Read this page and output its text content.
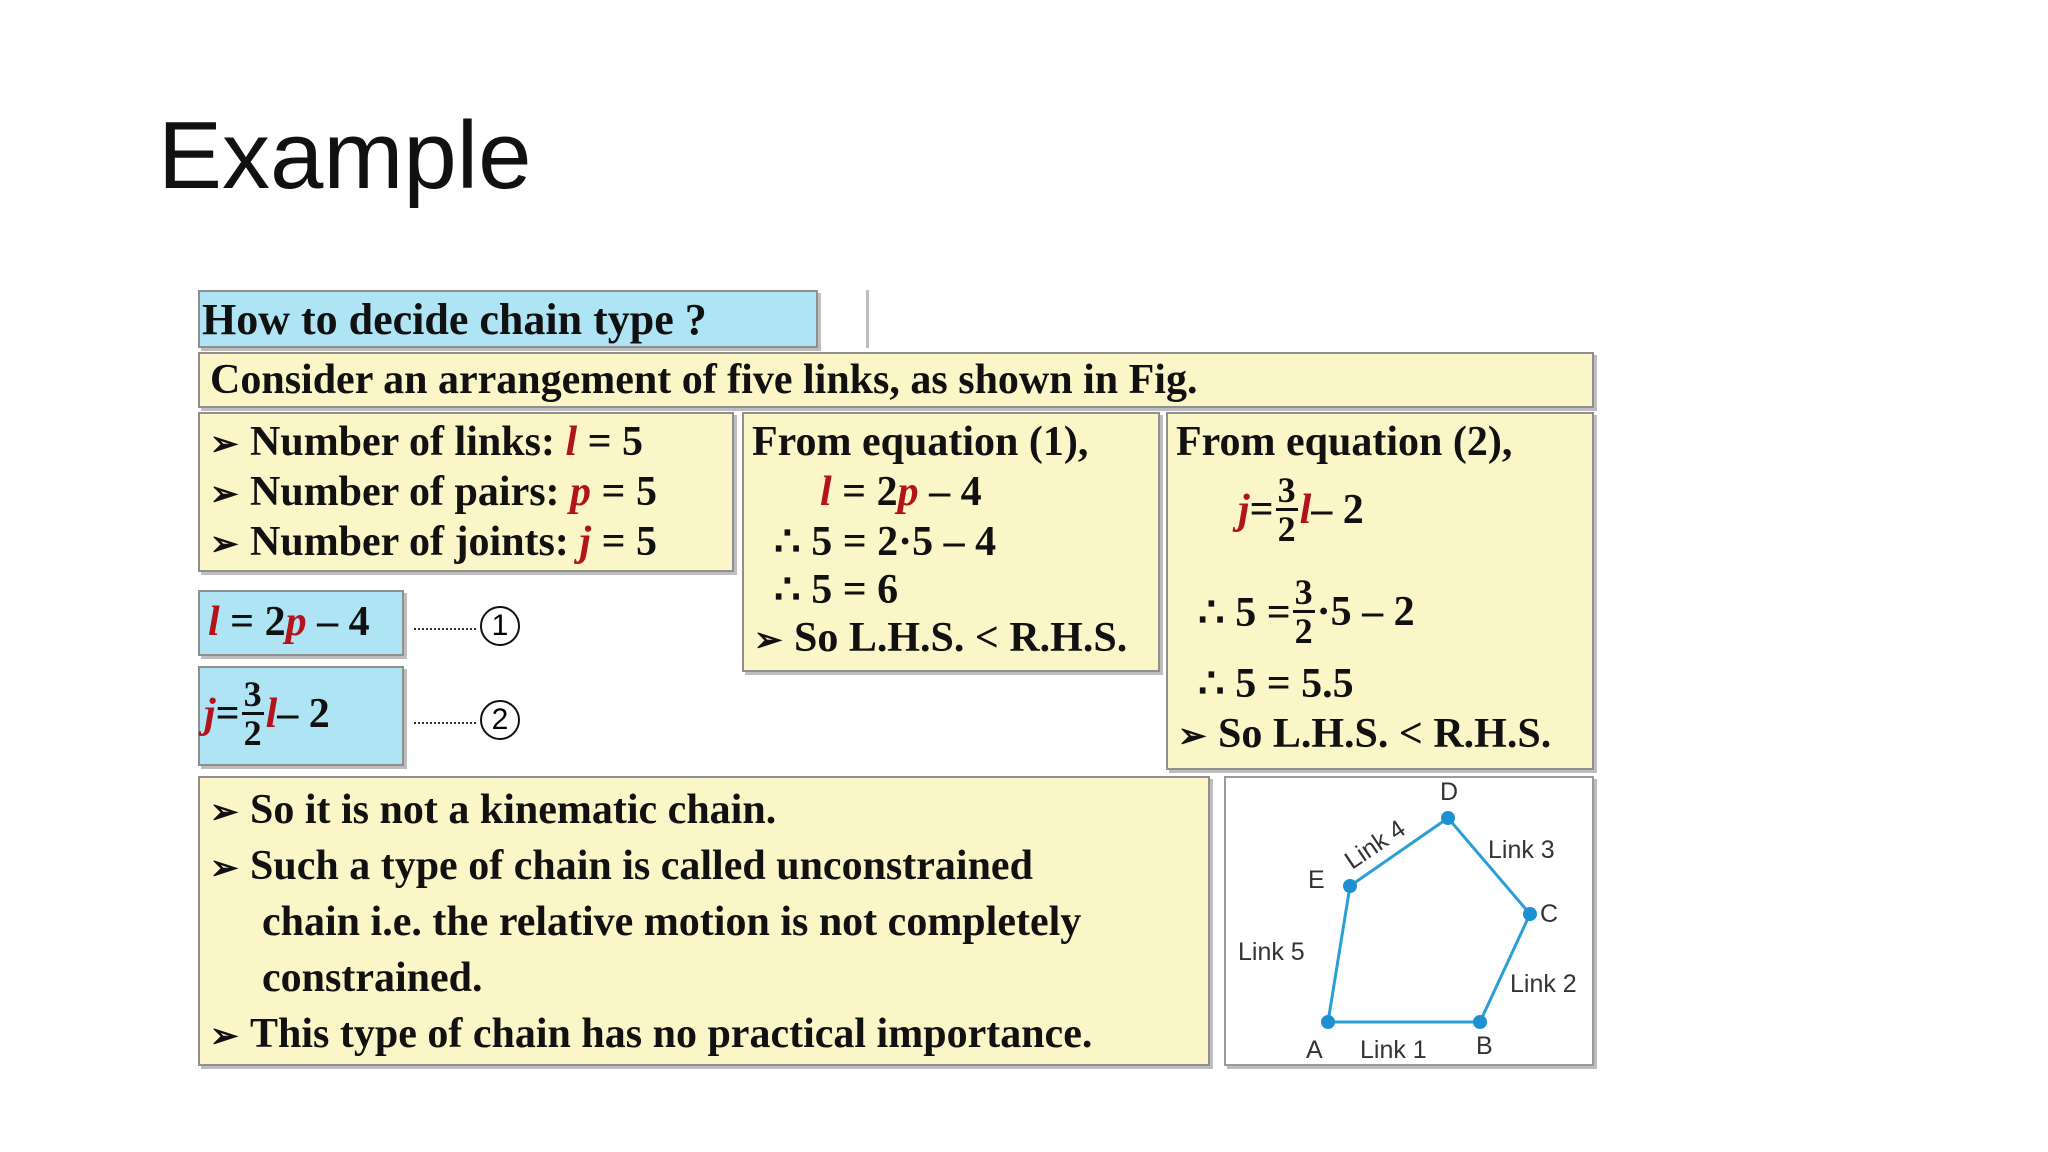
Example
How to decide chain type ?
Consider an arrangement of five links, as shown in Fig.
➢ Number of links: l = 5
➢ Number of pairs: p = 5
➢ Number of joints: j = 5
l = 2p – 4	1
$j = \frac{3}{2}$ l – 2	2
From equation (1),
l = 2p – 4
∴ 5 = 2·5 – 4
∴ 5 = 6
➢ So L.H.S. < R.H.S.
From equation (2),
$j = \frac{3}{2}$ l – 2
∴ $5 = \frac{3}{2} \cdot 5 - 2$
∴ 5 = 5.5
➢ So L.H.S. < R.H.S.
➢ So it is not a kinematic chain.
➢ Such a type of chain is called unconstrained
chain i.e. the relative motion is not completely
constrained.
➢ This type of chain has no practical importance.	A	B
C
D
E
Link 1
Link 2
Link 3
Link 4
Link 5
